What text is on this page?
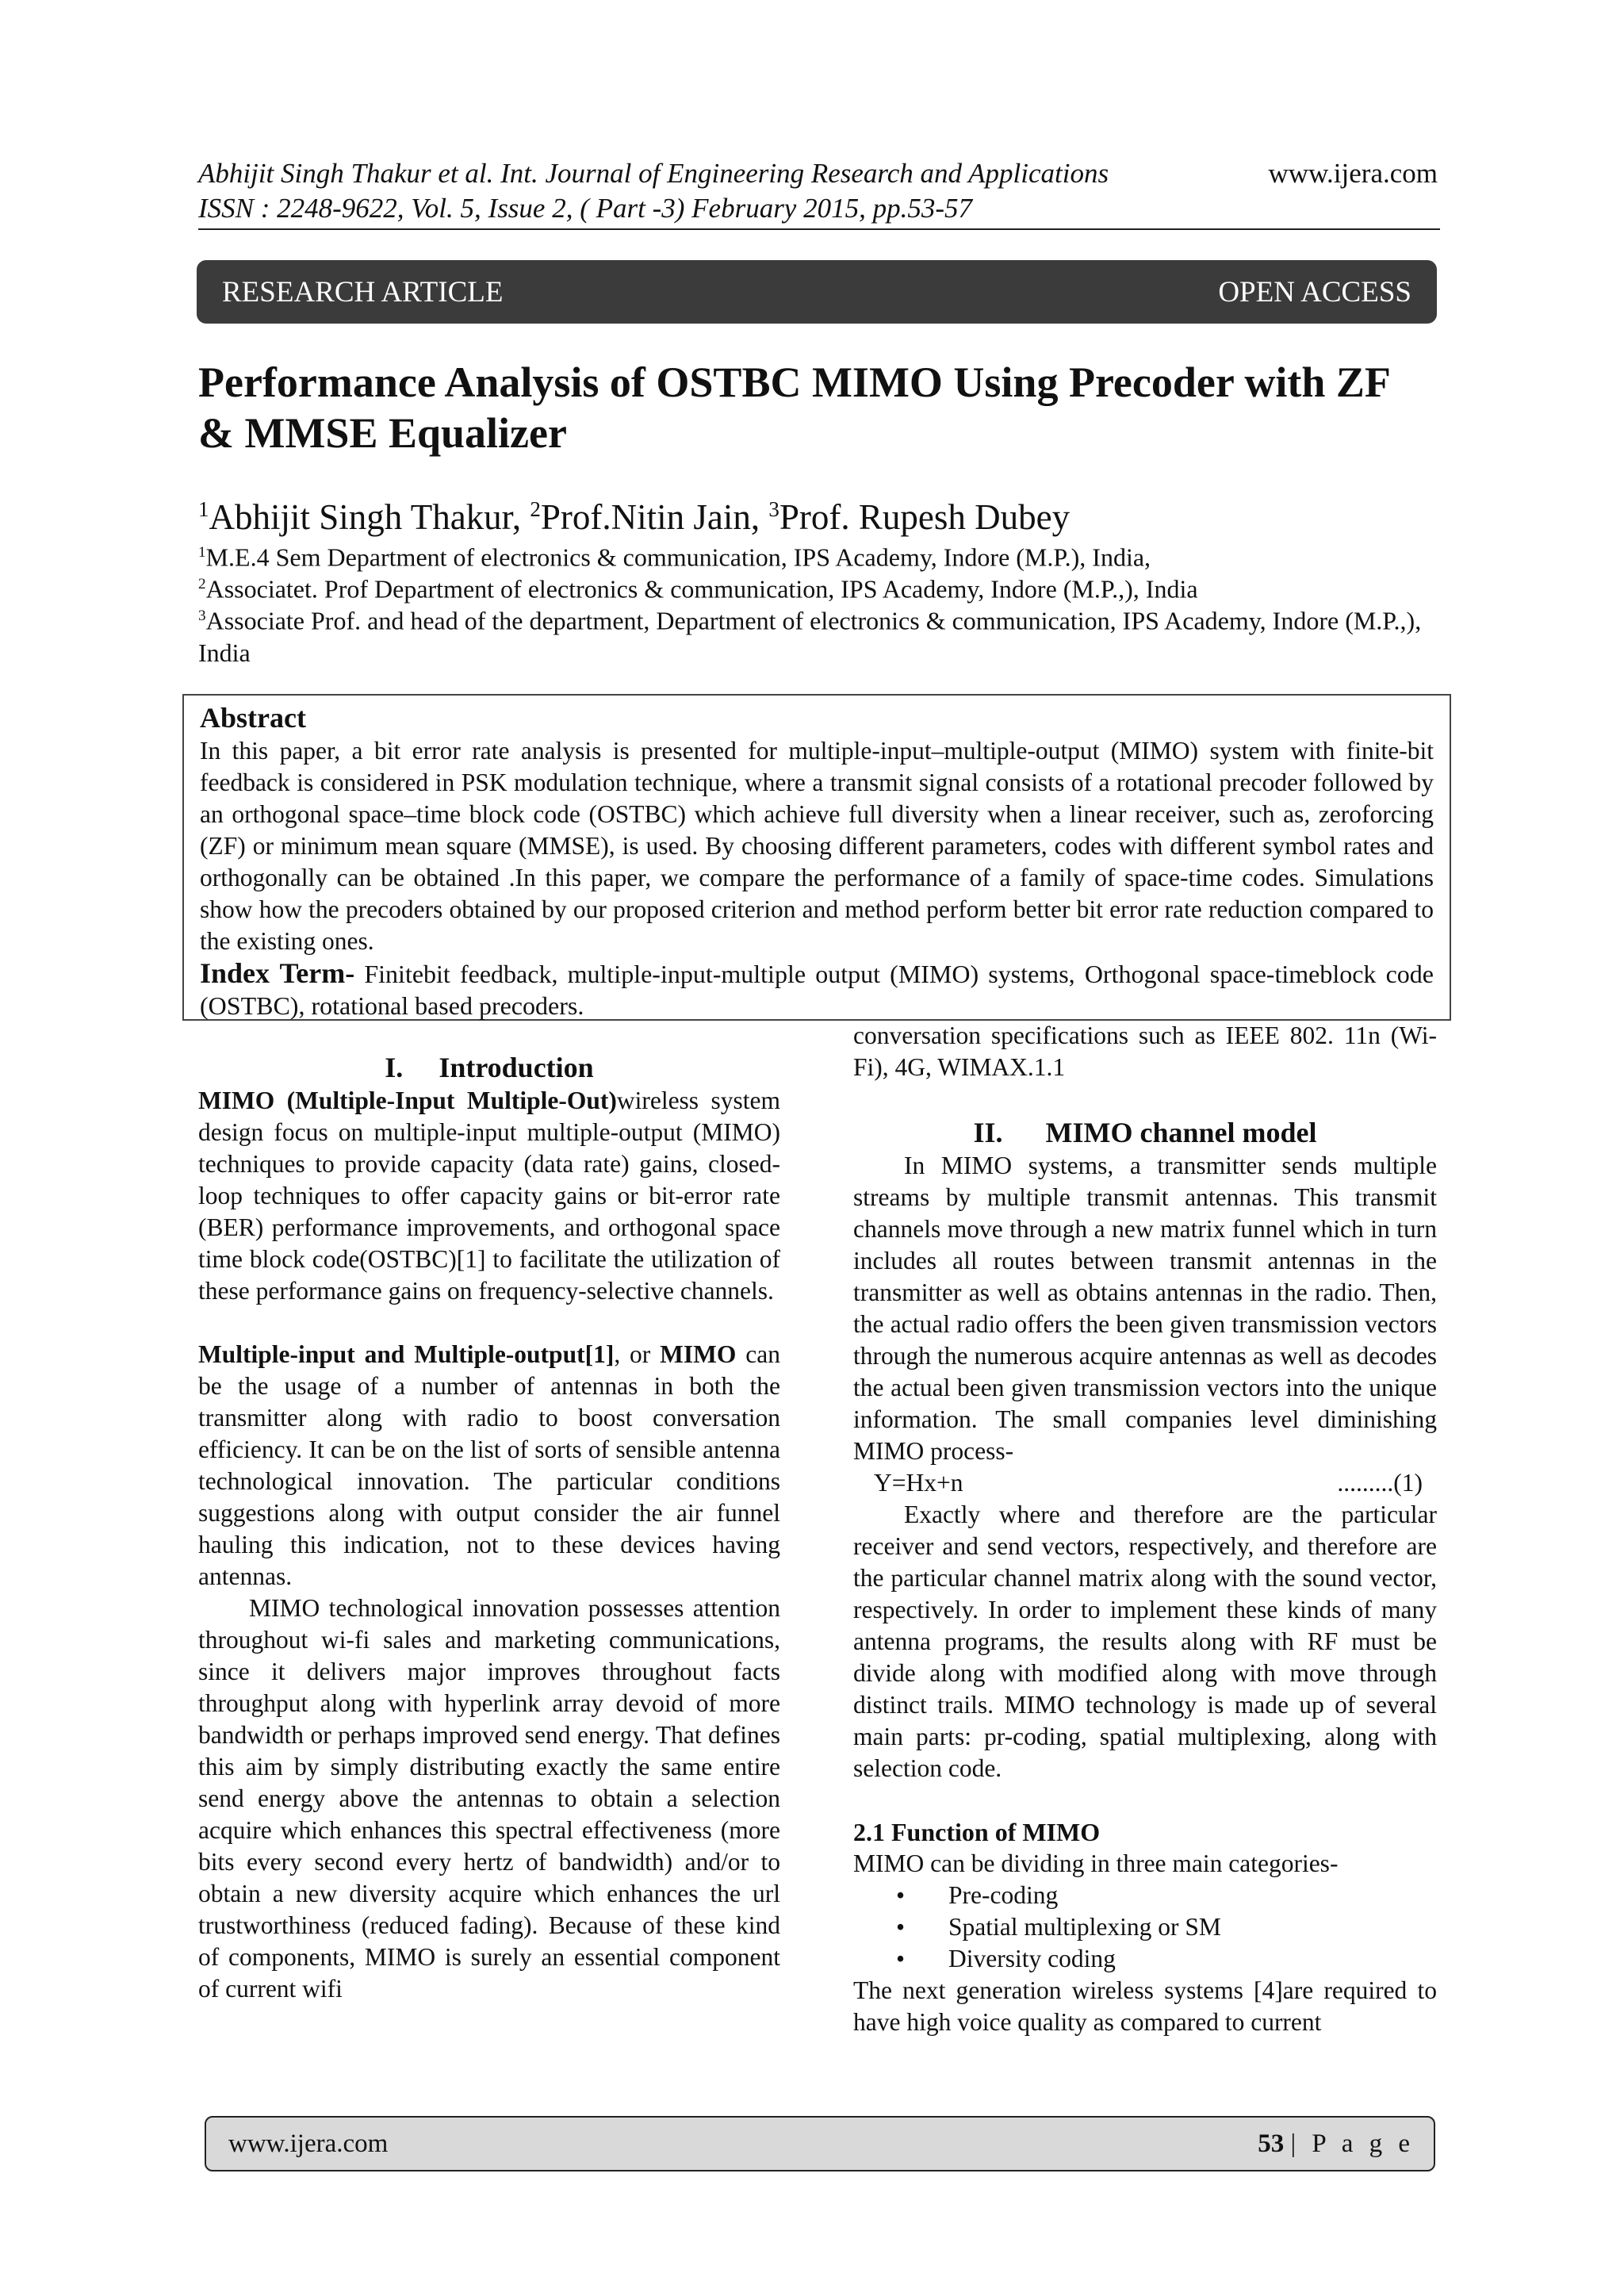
Abhijit Singh Thakur et al. Int. Journal of Engineering Research and Applications
ISSN : 2248-9622, Vol. 5, Issue 2, ( Part -3) February 2015, pp.53-57
www.ijera.com
RESEARCH ARTICLE	OPEN ACCESS
Performance Analysis of OSTBC MIMO Using Precoder with ZF
& MMSE Equalizer
$^1$Abhijit Singh Thakur, $^2$Prof.Nitin Jain, $^3$Prof. Rupesh Dubey
$^1$M.E.4 Sem Department of electronics & communication, IPS Academy, Indore (M.P.), India,
$^2$Associatet. Prof Department of electronics & communication, IPS Academy, Indore (M.P.,), India
$^3$Associate Prof. and head of the department, Department of electronics & communication, IPS Academy, Indore (M.P.,), India
Abstract

In this paper, a bit error rate analysis is presented for multiple-input–multiple-output (MIMO) system with finite-bit feedback is considered in PSK modulation technique, where a transmit signal consists of a rotational precoder followed by an orthogonal space–time block code (OSTBC) which achieve full diversity when a linear receiver, such as, zeroforcing (ZF) or minimum mean square (MMSE), is used. By choosing different parameters, codes with different symbol rates and orthogonally can be obtained .In this paper, we compare the performance of a family of space-time codes. Simulations show how the precoders obtained by our proposed criterion and method perform better bit error rate reduction compared to the existing ones.

Index Term- Finitebit feedback, multiple-input-multiple output (MIMO) systems, Orthogonal space-timeblock code (OSTBC), rotational based precoders.
I. Introduction

MIMO (Multiple-Input Multiple-Out)wireless system design focus on multiple-input multiple-output (MIMO) techniques to provide capacity (data rate) gains, closed-loop techniques to offer capacity gains or bit-error rate (BER) performance improvements, and orthogonal space time block code(OSTBC)[1] to facilitate the utilization of these performance gains on frequency-selective channels.

Multiple-input and Multiple-output[1], or MIMO can be the usage of a number of antennas in both the transmitter along with radio to boost conversation efficiency. It can be on the list of sorts of sensible antenna technological innovation. The particular conditions suggestions along with output consider the air funnel hauling this indication, not to these devices having antennas.

MIMO technological innovation possesses attention throughout wi-fi sales and marketing communications, since it delivers major improves throughout facts throughput along with hyperlink array devoid of more bandwidth or perhaps improved send energy. That defines this aim by simply distributing exactly the same entire send energy above the antennas to obtain a selection acquire which enhances this spectral effectiveness (more bits every second every hertz of bandwidth) and/or to obtain a new diversity acquire which enhances the url trustworthiness (reduced fading). Because of these kind of components, MIMO is surely an essential component of current wifi

conversation specifications such as IEEE 802. 11n (Wi-Fi), 4G, WIMAX.1.1

II. MIMO channel model

In MIMO systems, a transmitter sends multiple streams by multiple transmit antennas. This transmit channels move through a new matrix funnel which in turn includes all routes between transmit antennas in the transmitter as well as obtains antennas in the radio. Then, the actual radio offers the been given transmission vectors through the numerous acquire antennas as well as decodes the actual been given transmission vectors into the unique information. The small companies level diminishing MIMO process-

Y=Hx+n	.........(1)

Exactly where and therefore are the particular receiver and send vectors, respectively, and therefore are the particular channel matrix along with the sound vector, respectively. In order to implement these kinds of many antenna programs, the results along with RF must be divide along with modified along with move through distinct trails. MIMO technology is made up of several main parts: pr-coding, spatial multiplexing, along with selection code.

2.1 Function of MIMO

MIMO can be dividing in three main categories-

• Pre-coding
• Spatial multiplexing or SM
• Diversity coding

The next generation wireless systems [4]are required to have high voice quality as compared to current

www.ijera.com	53 | P a g e
